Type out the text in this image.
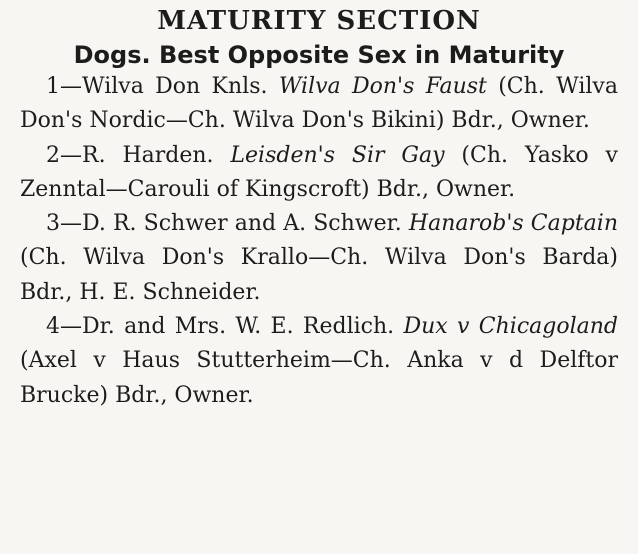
MATURITY SECTION
Dogs. Best Opposite Sex in Maturity

1—Wilva Don Knls. Wilva Don's Faust (Ch. Wilva Don's Nordic—Ch. Wilva Don's Bikini) Bdr., Owner.

2—R. Harden. Leisden's Sir Gay (Ch. Yasko v Zenntal—Carouli of Kingscroft) Bdr., Owner.

3—D. R. Schwer and A. Schwer. Hanarob's Captain (Ch. Wilva Don's Krallo—Ch. Wilva Don's Barda) Bdr., H. E. Schneider.

4—Dr. and Mrs. W. E. Redlich. Dux v Chicagoland (Axel v Haus Stutterheim—Ch. Anka v d Delftor Brucke) Bdr., Owner.
